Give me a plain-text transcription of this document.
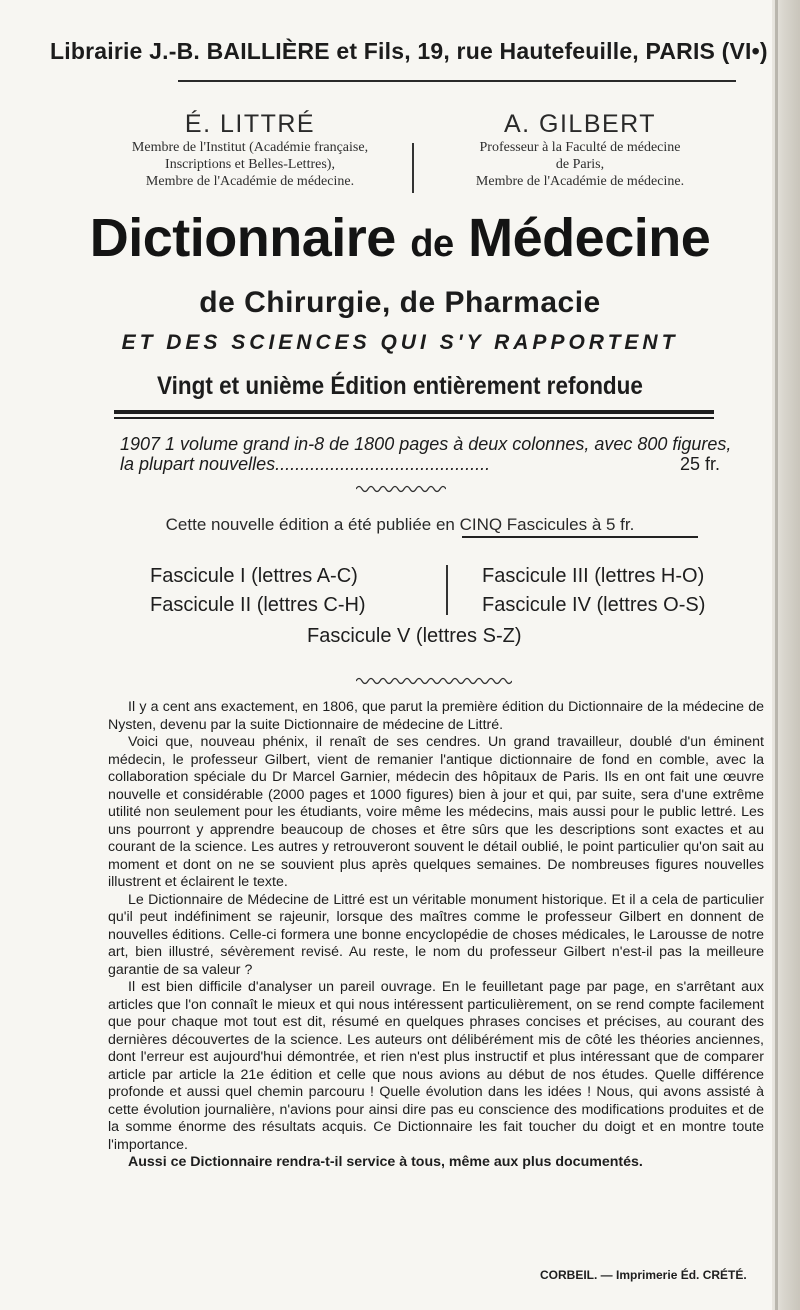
Librairie J.-B. BAILLIÈRE et Fils, 19, rue Hautefeuille, PARIS (VI•)
É. LITTRÉ
Membre de l'Institut (Académie française,
Inscriptions et Belles-Lettres),
Membre de l'Académie de médecine.
A. GILBERT
Professeur à la Faculté de médecine
de Paris,
Membre de l'Académie de médecine.
Dictionnaire de Médecine
de Chirurgie, de Pharmacie
ET DES SCIENCES QUI S'Y RAPPORTENT
Vingt et unième Édition entièrement refondue
1907 1 volume grand in-8 de 1800 pages à deux colonnes, avec 800 figures,
la plupart nouvelles...........................................	25 fr.
Cette nouvelle édition a été publiée en CINQ Fascicules à 5 fr.
Fascicule I (lettres A-C)
Fascicule II (lettres C-H)
Fascicule III (lettres H-O)
Fascicule IV (lettres O-S)
Fascicule V (lettres S-Z)

Il y a cent ans exactement, en 1806, que parut la première édition du Dictionnaire de la médecine de Nysten, devenu par la suite Dictionnaire de médecine de Littré.

Voici que, nouveau phénix, il renaît de ses cendres. Un grand travailleur, doublé d'un éminent médecin, le professeur Gilbert, vient de remanier l'antique dictionnaire de fond en comble, avec la collaboration spéciale du Dr Marcel Garnier, médecin des hôpitaux de Paris. Ils en ont fait une œuvre nouvelle et considérable (2000 pages et 1000 figures) bien à jour et qui, par suite, sera d'une extrême utilité non seulement pour les étudiants, voire même les médecins, mais aussi pour le public lettré. Les uns pourront y apprendre beaucoup de choses et être sûrs que les descriptions sont exactes et au courant de la science. Les autres y retrouveront souvent le détail oublié, le point particulier qu'on sait au moment et dont on ne se souvient plus après quelques semaines. De nombreuses figures nouvelles illustrent et éclairent le texte.

Le Dictionnaire de Médecine de Littré est un véritable monument historique. Et il a cela de particulier qu'il peut indéfiniment se rajeunir, lorsque des maîtres comme le professeur Gilbert en donnent de nouvelles éditions. Celle-ci formera une bonne encyclopédie de choses médicales, le Larousse de notre art, bien illustré, sévèrement revisé. Au reste, le nom du professeur Gilbert n'est-il pas la meilleure garantie de sa valeur ?

Il est bien difficile d'analyser un pareil ouvrage. En le feuilletant page par page, en s'arrêtant aux articles que l'on connaît le mieux et qui nous intéressent particulièrement, on se rend compte facilement que pour chaque mot tout est dit, résumé en quelques phrases concises et précises, au courant des dernières découvertes de la science. Les auteurs ont délibérément mis de côté les théories anciennes, dont l'erreur est aujourd'hui démontrée, et rien n'est plus instructif et plus intéressant que de comparer article par article la 21e édition et celle que nous avions au début de nos études. Quelle différence profonde et aussi quel chemin parcouru ! Quelle évolution dans les idées ! Nous, qui avons assisté à cette évolution journalière, n'avions pour ainsi dire pas eu conscience des modifications produites et de la somme énorme des résultats acquis. Ce Dictionnaire les fait toucher du doigt et en montre toute l'importance.

Aussi ce Dictionnaire rendra-t-il service à tous, même aux plus documentés.

CORBEIL. — Imprimerie Éd. CRÉTÉ.
